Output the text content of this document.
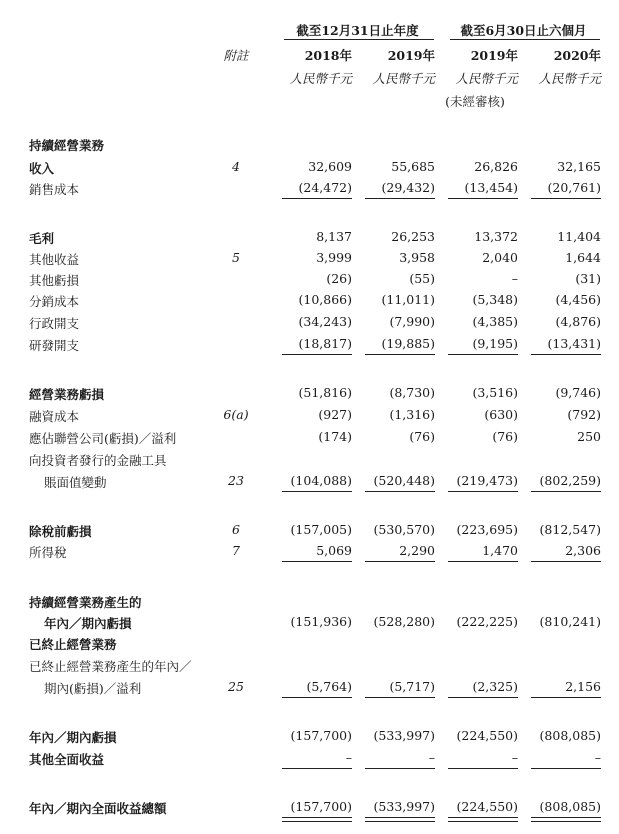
截至12月31日止年度	截至6月30日止六個月
附註	2018年	2019年	2019年	2020年
人民幣千元	人民幣千元	人民幣千元	人民幣千元
(未經審核)
持續經營業務
收入	4	32,609	55,685	26,826	32,165
銷售成本	(24,472)	(29,432)	(13,454)	(20,761)
毛利	8,137	26,253	13,372	11,404
其他收益	5	3,999	3,958	2,040	1,644
其他虧損	(26)	(55)	–	(31)
分銷成本	(10,866)	(11,011)	(5,348)	(4,456)
行政開支	(34,243)	(7,990)	(4,385)	(4,876)
研發開支	(18,817)	(19,885)	(9,195)	(13,431)
經營業務虧損	(51,816)	(8,730)	(3,516)	(9,746)
融資成本	6(a)	(927)	(1,316)	(630)	(792)
應佔聯營公司(虧損)／溢利	(174)	(76)	(76)	250
向投資者發行的金融工具
賬面值變動	23	(104,088)	(520,448)	(219,473)	(802,259)
除稅前虧損	6	(157,005)	(530,570)	(223,695)	(812,547)
所得稅	7	5,069	2,290	1,470	2,306
持續經營業務產生的
年內／期內虧損	(151,936)	(528,280)	(222,225)	(810,241)
已終止經營業務
已終止經營業務產生的年內／
期內(虧損)／溢利	25	(5,764)	(5,717)	(2,325)	2,156
年內／期內虧損	(157,700)	(533,997)	(224,550)	(808,085)
其他全面收益	–	–	–	–
年內／期內全面收益總額	(157,700)	(533,997)	(224,550)	(808,085)
